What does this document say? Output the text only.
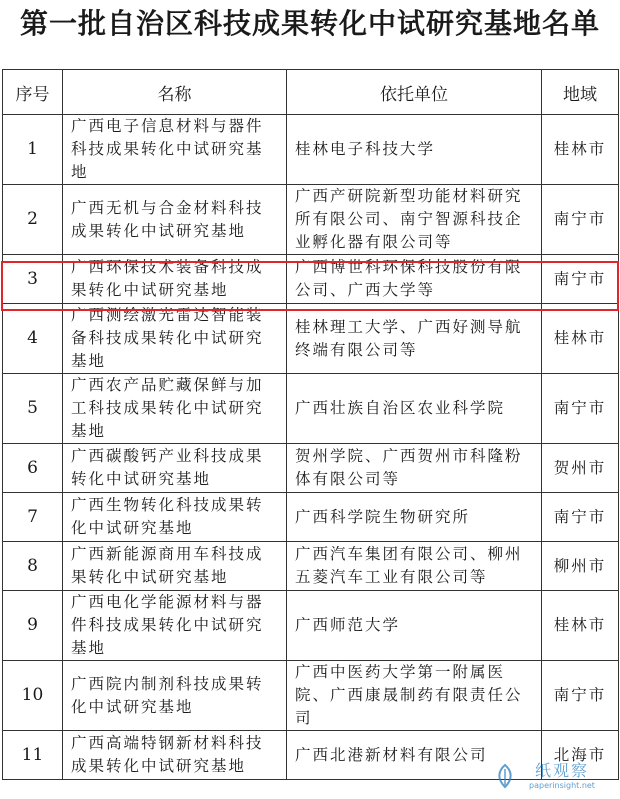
第一批自治区科技成果转化中试研究基地名单
序号	名称	依托单位	地域
1	广西电子信息材料与器件科技成果转化中试研究基地	桂林电子科技大学	桂林市
2	广西无机与合金材料科技成果转化中试研究基地	广西产研院新型功能材料研究所有限公司、南宁智源科技企业孵化器有限公司等	南宁市
3	广西环保技术装备科技成果转化中试研究基地	广西博世科环保科技股份有限公司、广西大学等	南宁市
4	广西测绘激光雷达智能装备科技成果转化中试研究基地	桂林理工大学、广西好测导航终端有限公司等	桂林市
5	广西农产品贮藏保鲜与加工科技成果转化中试研究基地	广西壮族自治区农业科学院	南宁市
6	广西碳酸钙产业科技成果转化中试研究基地	贺州学院、广西贺州市科隆粉体有限公司等	贺州市
7	广西生物转化科技成果转化中试研究基地	广西科学院生物研究所	南宁市
8	广西新能源商用车科技成果转化中试研究基地	广西汽车集团有限公司、柳州五菱汽车工业有限公司等	柳州市
9	广西电化学能源材料与器件科技成果转化中试研究基地	广西师范大学	桂林市
10	广西院内制剂科技成果转化中试研究基地	广西中医药大学第一附属医院、广西康晟制药有限责任公司	南宁市
11	广西高端特钢新材料科技成果转化中试研究基地	广西北港新材料有限公司	北海市
纸观察
paperinsight.net
